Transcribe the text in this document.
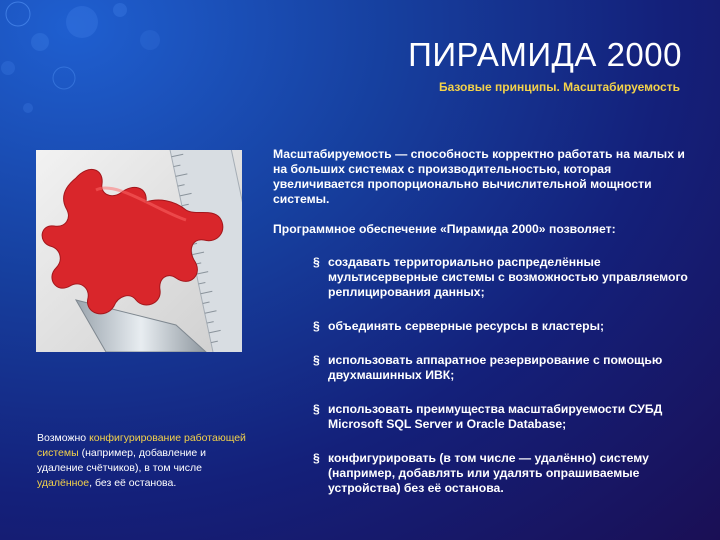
ПИРАМИДА 2000
Базовые принципы. Масштабируемость

Масштабируемость — способность корректно работать на малых и на больших системах с производительностью, которая увеличивается пропорционально вычислительной мощности системы.

Программное обеспечение «Пирамида 2000» позволяет:

§ создавать территориально распределённые мультисерверные системы с возможностью управляемого реплицирования данных;
§ объединять серверные ресурсы в кластеры;
§ использовать аппаратное резервирование с помощью двухмашинных ИВК;
§ использовать преимущества масштабируемости СУБД Microsoft SQL Server и Oracle Database;
§ конфигурировать (в том числе — удалённо) систему (например, добавлять или удалять опрашиваемые устройства) без её останова.
Возможно конфигурирование работающей системы (например, добавление и удаление счётчиков), в том числе удалённое, без её останова.
